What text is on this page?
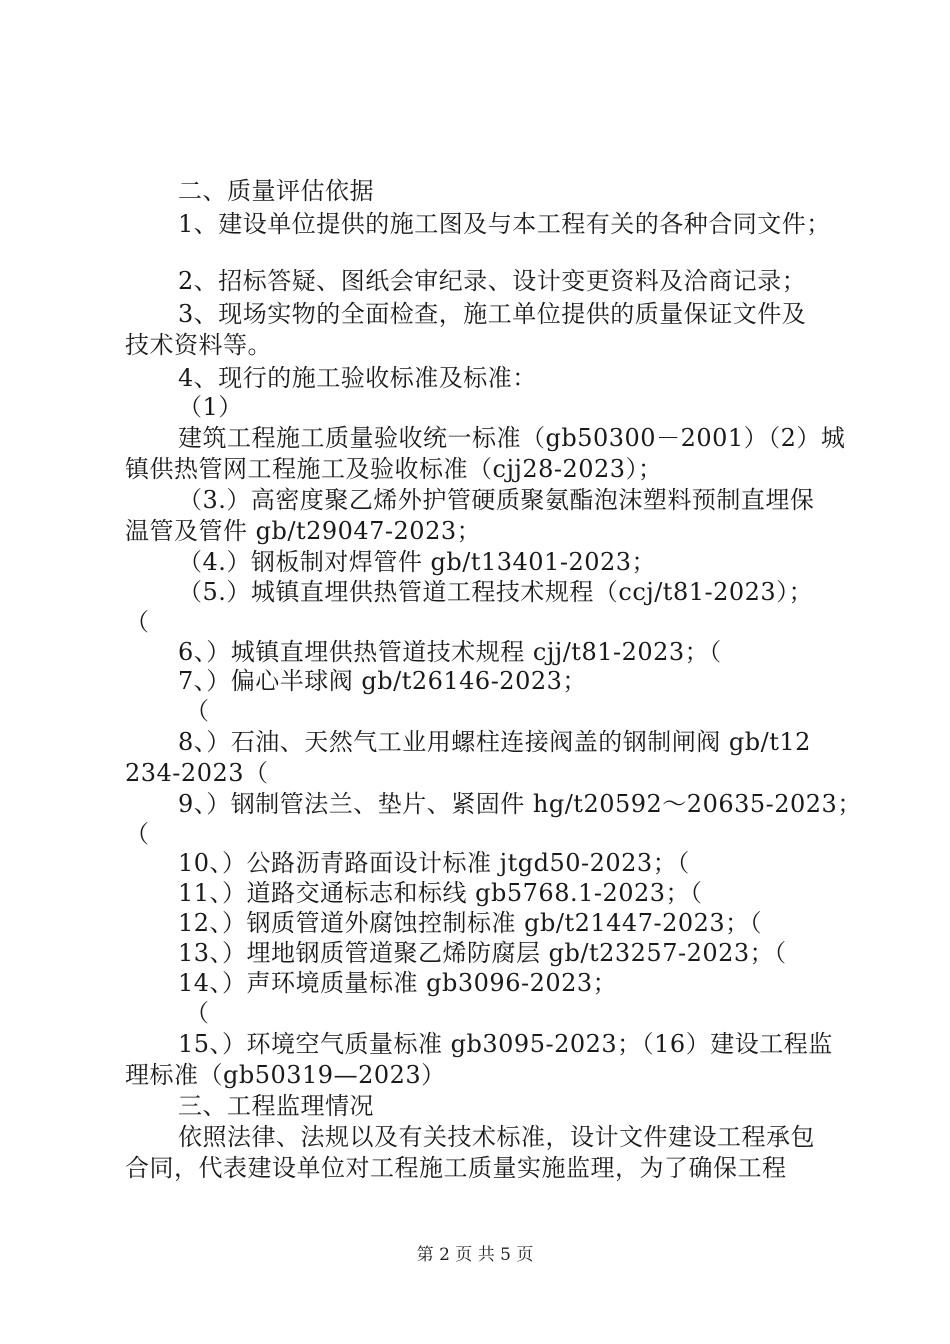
二、质量评估依据
1、建设单位提供的施工图及与本工程有关的各种合同文件；
2、招标答疑、图纸会审纪录、设计变更资料及洽商记录；
3、现场实物的全面检查，施工单位提供的质量保证文件及
技术资料等。
4、现行的施工验收标准及标准：
（1）
建筑工程施工质量验收统一标准（gb50300－2001）（2）城
镇供热管网工程施工及验收标准（cjj28-2023）；
（3.）高密度聚乙烯外护管硬质聚氨酯泡沫塑料预制直埋保
温管及管件 gb/t29047-2023；
（4.）钢板制对焊管件 gb/t13401-2023；
（5.）城镇直埋供热管道工程技术规程（ccj/t81-2023）；
（
6、）城镇直埋供热管道技术规程 cjj/t81-2023；（
7、）偏心半球阀 gb/t26146-2023；
（
8、）石油、天然气工业用螺柱连接阀盖的钢制闸阀 gb/t12
234-2023（
9、）钢制管法兰、垫片、紧固件 hg/t20592～20635-2023；
（
10、）公路沥青路面设计标准 jtgd50-2023；（
11、）道路交通标志和标线 gb5768.1-2023；（
12、）钢质管道外腐蚀控制标准 gb/t21447-2023；（
13、）埋地钢质管道聚乙烯防腐层 gb/t23257-2023；（
14、）声环境质量标准 gb3096-2023；
（
15、）环境空气质量标准 gb3095-2023；（16）建设工程监
理标准（gb50319—2023）
三、工程监理情况
依照法律、法规以及有关技术标准，设计文件建设工程承包
合同，代表建设单位对工程施工质量实施监理，为了确保工程
第 2 页 共 5 页
